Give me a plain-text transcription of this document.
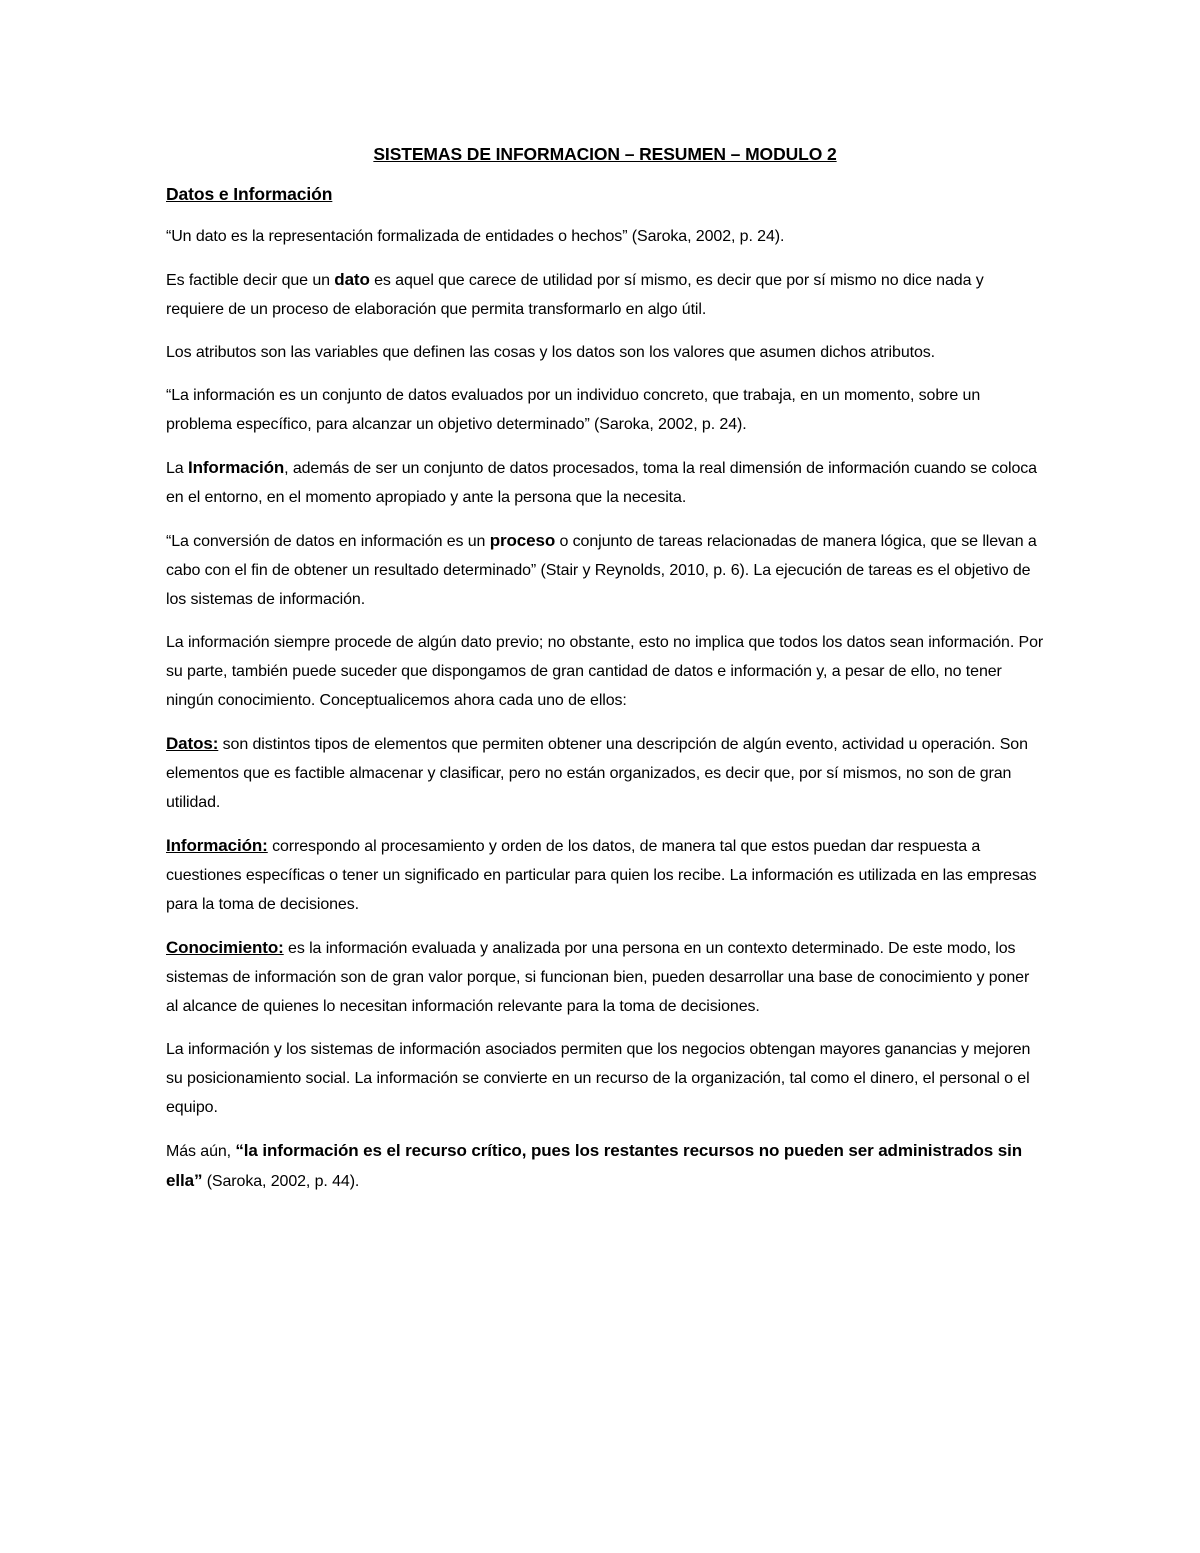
SISTEMAS DE INFORMACION – RESUMEN – MODULO 2
Datos e Información

“Un dato es la representación formalizada de entidades o hechos” (Saroka, 2002, p. 24).

Es factible decir que un dato es aquel que carece de utilidad por sí mismo, es decir que por sí mismo no dice nada y requiere de un proceso de elaboración que permita transformarlo en algo útil.

Los atributos son las variables que definen las cosas y los datos son los valores que asumen dichos atributos.

“La información es un conjunto de datos evaluados por un individuo concreto, que trabaja, en un momento, sobre un problema específico, para alcanzar un objetivo determinado” (Saroka, 2002, p. 24).

La Información, además de ser un conjunto de datos procesados, toma la real dimensión de información cuando se coloca en el entorno, en el momento apropiado y ante la persona que la necesita.

“La conversión de datos en información es un proceso o conjunto de tareas relacionadas de manera lógica, que se llevan a cabo con el fin de obtener un resultado determinado” (Stair y Reynolds, 2010, p. 6). La ejecución de tareas es el objetivo de los sistemas de información.

La información siempre procede de algún dato previo; no obstante, esto no implica que todos los datos sean información. Por su parte, también puede suceder que dispongamos de gran cantidad de datos e información y, a pesar de ello, no tener ningún conocimiento. Conceptualicemos ahora cada uno de ellos:

Datos: son distintos tipos de elementos que permiten obtener una descripción de algún evento, actividad u operación. Son elementos que es factible almacenar y clasificar, pero no están organizados, es decir que, por sí mismos, no son de gran utilidad.

Información: correspondo al procesamiento y orden de los datos, de manera tal que estos puedan dar respuesta a cuestiones específicas o tener un significado en particular para quien los recibe. La información es utilizada en las empresas para la toma de decisiones.

Conocimiento: es la información evaluada y analizada por una persona en un contexto determinado. De este modo, los sistemas de información son de gran valor porque, si funcionan bien, pueden desarrollar una base de conocimiento y poner al alcance de quienes lo necesitan información relevante para la toma de decisiones.

La información y los sistemas de información asociados permiten que los negocios obtengan mayores ganancias y mejoren su posicionamiento social. La información se convierte en un recurso de la organización, tal como el dinero, el personal o el equipo.

Más aún, “la información es el recurso crítico, pues los restantes recursos no pueden ser administrados sin ella” (Saroka, 2002, p. 44).
